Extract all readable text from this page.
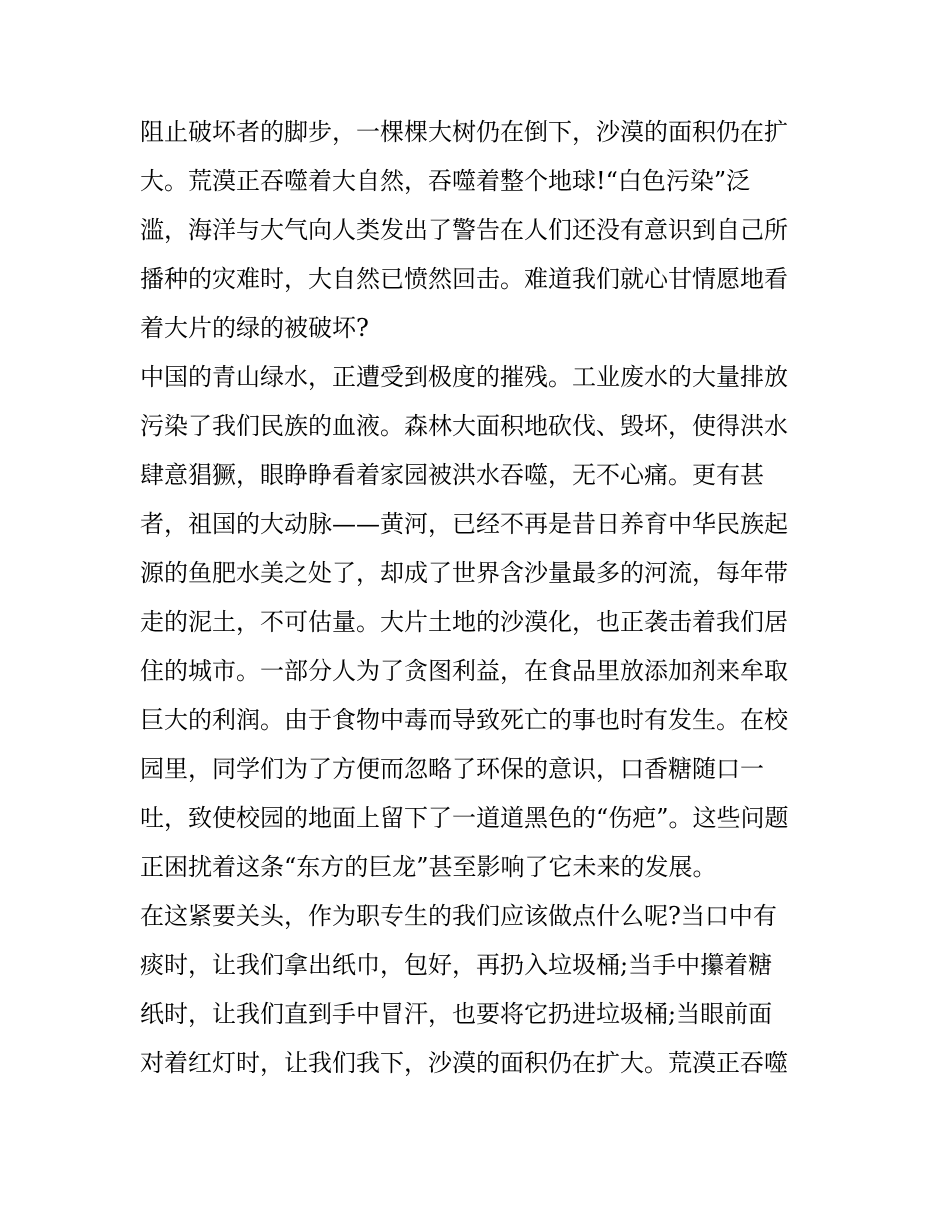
阻止破坏者的脚步，一棵棵大树仍在倒下，沙漠的面积仍在扩
大。荒漠正吞噬着大自然，吞噬着整个地球!“白色污染”泛
滥，海洋与大气向人类发出了警告在人们还没有意识到自己所
播种的灾难时，大自然已愤然回击。难道我们就心甘情愿地看
着大片的绿的被破坏?
中国的青山绿水，正遭受到极度的摧残。工业废水的大量排放
污染了我们民族的血液。森林大面积地砍伐、毁坏，使得洪水
肆意猖獗，眼睁睁看着家园被洪水吞噬，无不心痛。更有甚
者，祖国的大动脉——黄河，已经不再是昔日养育中华民族起
源的鱼肥水美之处了，却成了世界含沙量最多的河流，每年带
走的泥土，不可估量。大片土地的沙漠化，也正袭击着我们居
住的城市。一部分人为了贪图利益，在食品里放添加剂来牟取
巨大的利润。由于食物中毒而导致死亡的事也时有发生。在校
园里，同学们为了方便而忽略了环保的意识，口香糖随口一
吐，致使校园的地面上留下了一道道黑色的“伤疤”。这些问题
正困扰着这条“东方的巨龙”甚至影响了它未来的发展。
在这紧要关头，作为职专生的我们应该做点什么呢?当口中有
痰时，让我们拿出纸巾，包好，再扔入垃圾桶;当手中攥着糖
纸时，让我们直到手中冒汗，也要将它扔进垃圾桶;当眼前面
对着红灯时，让我们我下，沙漠的面积仍在扩大。荒漠正吞噬
